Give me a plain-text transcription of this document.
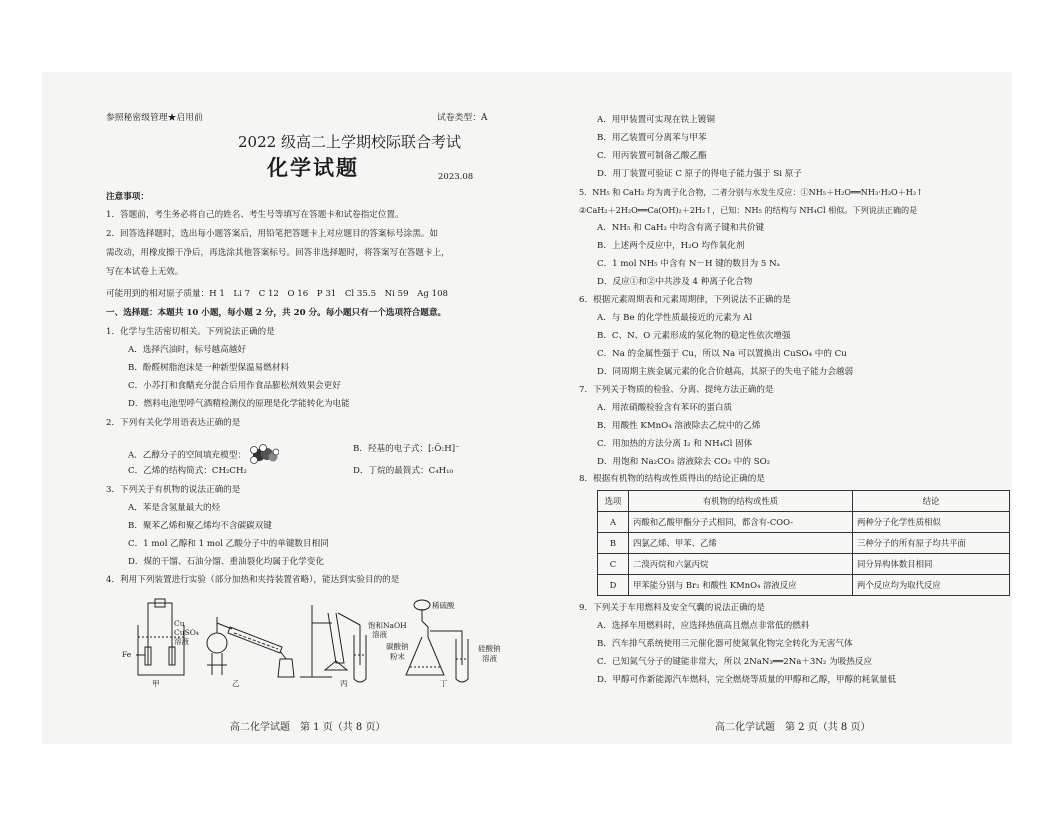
参照秘密级管理★启用前	试卷类型：A
2022 级高二上学期校际联合考试
化学试题	2023.08
注意事项：
1．答题前，考生务必将自己的姓名、考生号等填写在答题卡和试卷指定位置。
2．回答选择题时，选出每小题答案后，用铅笔把答题卡上对应题目的答案标号涂黑。如
需改动，用橡皮擦干净后，再选涂其他答案标号。回答非选择题时，将答案写在答题卡上，
写在本试卷上无效。
可能用到的相对原子质量：H 1　Li 7　C 12　O 16　P 31　Cl 35.5　Ni 59　Ag 108
一、选择题：本题共 10 小题，每小题 2 分，共 20 分。每小题只有一个选项符合题意。
1．化学与生活密切相关。下列说法正确的是
A．选择汽油时，标号越高越好
B．酚醛树脂泡沫是一种新型保温易燃材料
C．小苏打和食醋充分混合后用作食品膨松剂效果会更好
D．燃料电池型呼气酒精检测仪的原理是化学能转化为电能
2．下列有关化学用语表达正确的是
A．乙醇分子的空间填充模型：
B．羟基的电子式：[:Ö:H]⁻
C．乙烯的结构简式：CH₂CH₂	D．丁烷的最简式：C₄H₁₀
3．下列关于有机物的说法正确的是
A．苯是含氢量最大的烃
B．聚苯乙烯和聚乙烯均不含碳碳双键
C．1 mol 乙醇和 1 mol 乙酸分子中的单键数目相同
D．煤的干馏、石油分馏、重油裂化均属于化学变化
4．利用下列装置进行实验（部分加热和夹持装置省略），能达到实验目的的是
Cu
CuSO₄
溶液
Fe
饱和NaOH
溶液
稀硫酸
碳酸钠
粉末
硅酸钠
溶液
甲	乙	丙	丁
高二化学试题　第 1 页（共 8 页）
A．用甲装置可实现在铁上镀铜
B．用乙装置可分离苯与甲苯
C．用丙装置可制备乙酸乙酯
D．用丁装置可验证 C 原子的得电子能力强于 Si 原子
5．NH₅ 和 CaH₂ 均为离子化合物，二者分别与水发生反应：①NH₅＋H₂O══NH₃·H₂O＋H₂↑
②CaH₂＋2H₂O══Ca(OH)₂＋2H₂↑，已知：NH₅ 的结构与 NH₄Cl 相似。下列说法正确的是
A．NH₅ 和 CaH₂ 中均含有离子键和共价键
B．上述两个反应中，H₂O 均作氧化剂
C．1 mol NH₅ 中含有 N－H 键的数目为 5 Nₐ
D．反应①和②中共涉及 4 种离子化合物
6．根据元素周期表和元素周期律，下列说法不正确的是
A．与 Be 的化学性质最接近的元素为 Al
B．C、N、O 元素形成的氢化物的稳定性依次增强
C．Na 的金属性强于 Cu，所以 Na 可以置换出 CuSO₄ 中的 Cu
D．同周期主族金属元素的化合价越高，其原子的失电子能力会越弱
7．下列关于物质的检验、分离、提纯方法正确的是
A．用浓硝酸检验含有苯环的蛋白质
B．用酸性 KMnO₄ 溶液除去乙烷中的乙烯
C．用加热的方法分离 I₂ 和 NH₄Cl 固体
D．用饱和 Na₂CO₃ 溶液除去 CO₂ 中的 SO₂
8．根据有机物的结构或性质得出的结论正确的是
选项	有机物的结构或性质	结论
A	丙酸和乙酸甲酯分子式相同，都含有-COO-	两种分子化学性质相似
B	四氯乙烯、甲苯、乙烯	三种分子的所有原子均共平面
C	二溴丙烷和六氯丙烷	同分异构体数目相同
D	甲苯能分别与 Br₂ 和酸性 KMnO₄ 溶液反应	两个反应均为取代反应
9．下列关于车用燃料及安全气囊的说法正确的是
A．选择车用燃料时，应选择热值高且燃点非常低的燃料
B．汽车排气系统使用三元催化器可使氮氧化物完全转化为无害气体
C．已知氮气分子的键能非常大，所以 2NaN₃══2Na＋3N₂ 为吸热反应
D．甲醇可作新能源汽车燃料，完全燃烧等质量的甲醇和乙醇，甲醇的耗氧量低
高二化学试题　第 2 页（共 8 页）
